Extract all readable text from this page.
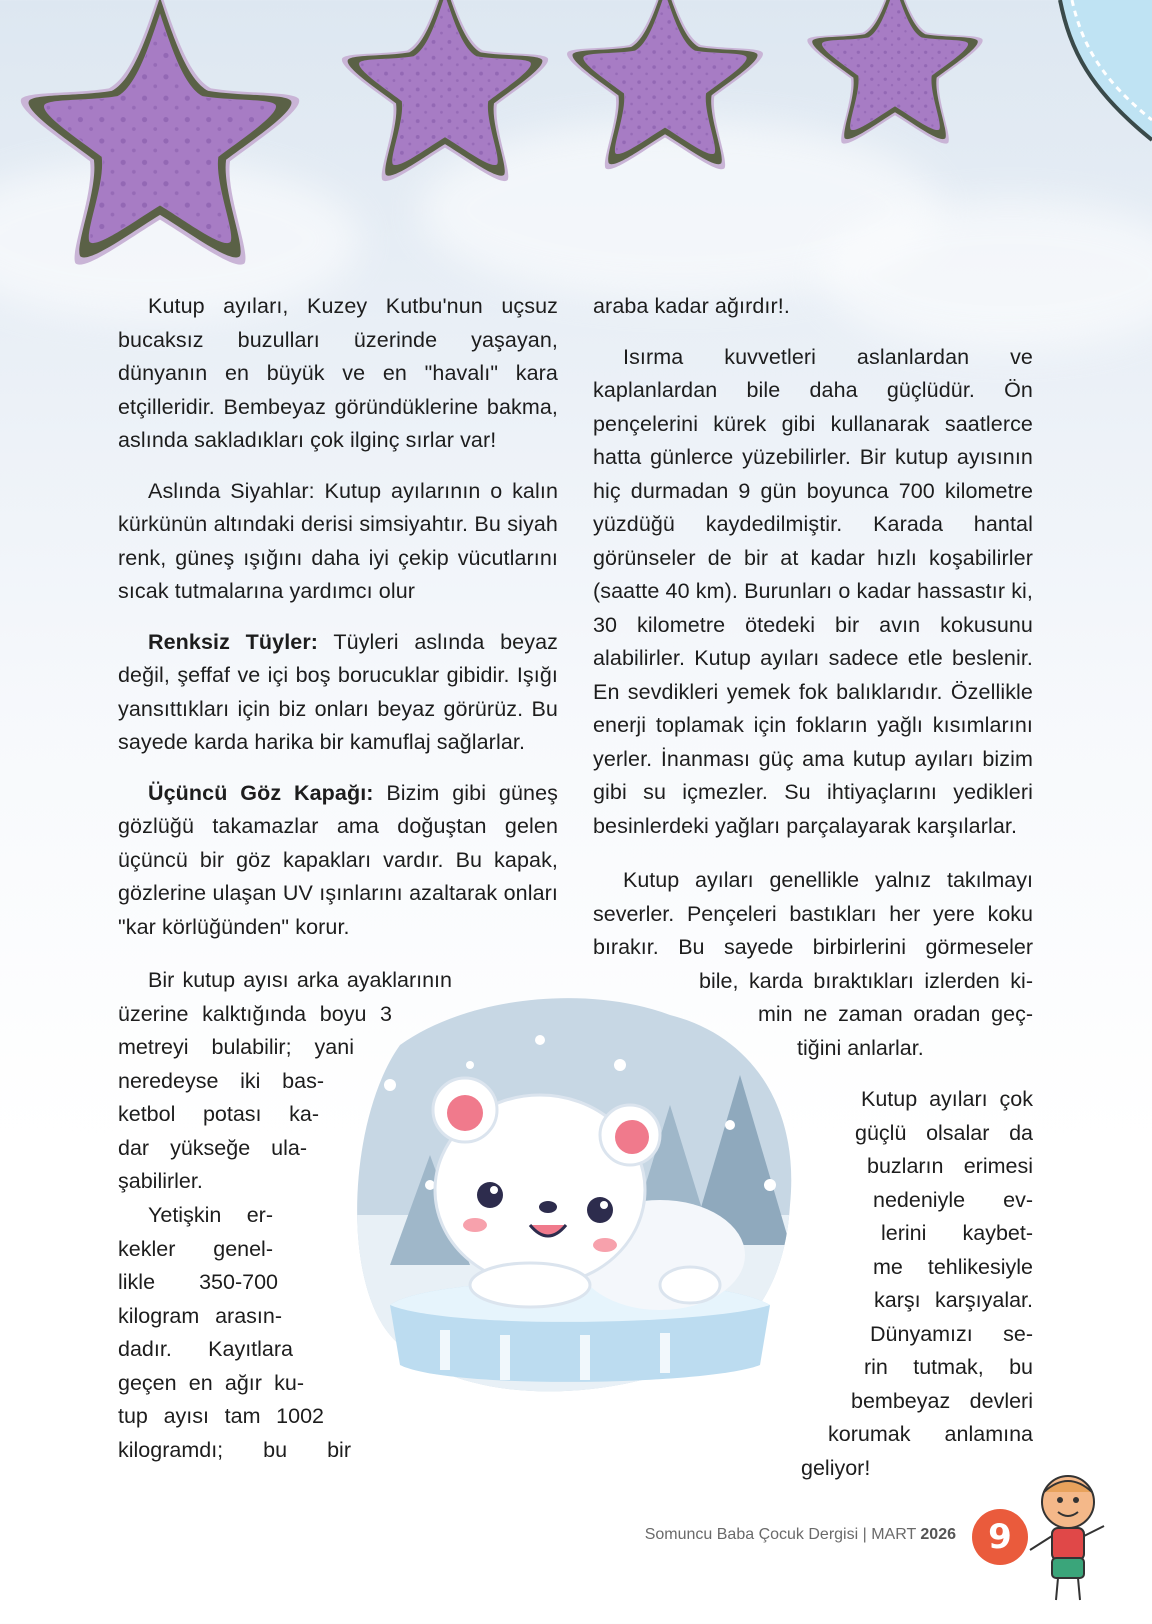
Kutup ayıları, Kuzey Kutbu'nun uçsuz bucaksız buzulları üzerinde yaşayan, dünyanın en büyük ve en "havalı" kara etçilleridir. Bembeyaz göründüklerine bakma, aslında sakladıkları çok ilginç sırlar var!

Aslında Siyahlar: Kutup ayılarının o kalın kürkünün altındaki derisi simsiyahtır. Bu siyah renk, güneş ışığını daha iyi çekip vücutlarını sıcak tutmalarına yardımcı olur

Renksiz Tüyler: Tüyleri aslında beyaz değil, şeffaf ve içi boş borucuklar gibidir. Işığı yansıttıkları için biz onları beyaz görürüz. Bu sayede karda harika bir kamuflaj sağlarlar.

Üçüncü Göz Kapağı: Bizim gibi güneş gözlüğü takamazlar ama doğuştan gelen üçüncü bir göz kapakları vardır. Bu kapak, gözlerine ulaşan UV ışınlarını azaltarak onları "kar körlüğünden" korur.

Bir kutup ayısı arka ayaklarının
üzerine kalktığında boyu 3
metreyi bulabilir; yani
neredeyse iki bas-
ketbol potası ka-
dar yükseğe ula-
şabilirler.
Yetişkin er-
kekler genel-
likle 350-700
kilogram arasın-
dadır. Kayıtlara
geçen en ağır ku-
tup ayısı tam 1002
kilogramdı; bu bir

araba kadar ağırdır!.

Isırma kuvvetleri aslanlardan ve kaplanlardan bile daha güçlüdür. Ön pençelerini kürek gibi kullanarak saatlerce hatta günlerce yüzebilirler. Bir kutup ayısının hiç durmadan 9 gün boyunca 700 kilometre yüzdüğü kaydedilmiştir. Karada hantal görünseler de bir at kadar hızlı koşabilirler (saatte 40 km). Burunları o kadar hassastır ki, 30 kilometre ötedeki bir avın kokusunu alabilirler. Kutup ayıları sadece etle beslenir. En sevdikleri yemek fok balıklarıdır. Özellikle enerji toplamak için fokların yağlı kısımlarını yerler. İnanması güç ama kutup ayıları bizim gibi su içmezler. Su ihtiyaçlarını yedikleri besinlerdeki yağları parçalayarak karşılarlar.

Kutup ayıları genellikle yalnız takılmayı
severler. Pençeleri bastıkları her yere koku
bırakır. Bu sayede birbirlerini görmeseler
bile, karda bıraktıkları izlerden ki-
min ne zaman oradan geç-
tiğini anlarlar.
Kutup ayıları çok
güçlü olsalar da
buzların erimesi
nedeniyle ev-
lerini kaybet-
me tehlikesiyle
karşı karşıyalar.
Dünyamızı se-
rin tutmak, bu
bembeyaz devleri
korumak anlamına
geliyor!
Somuncu Baba Çocuk Dergisi | MART 2026 9
